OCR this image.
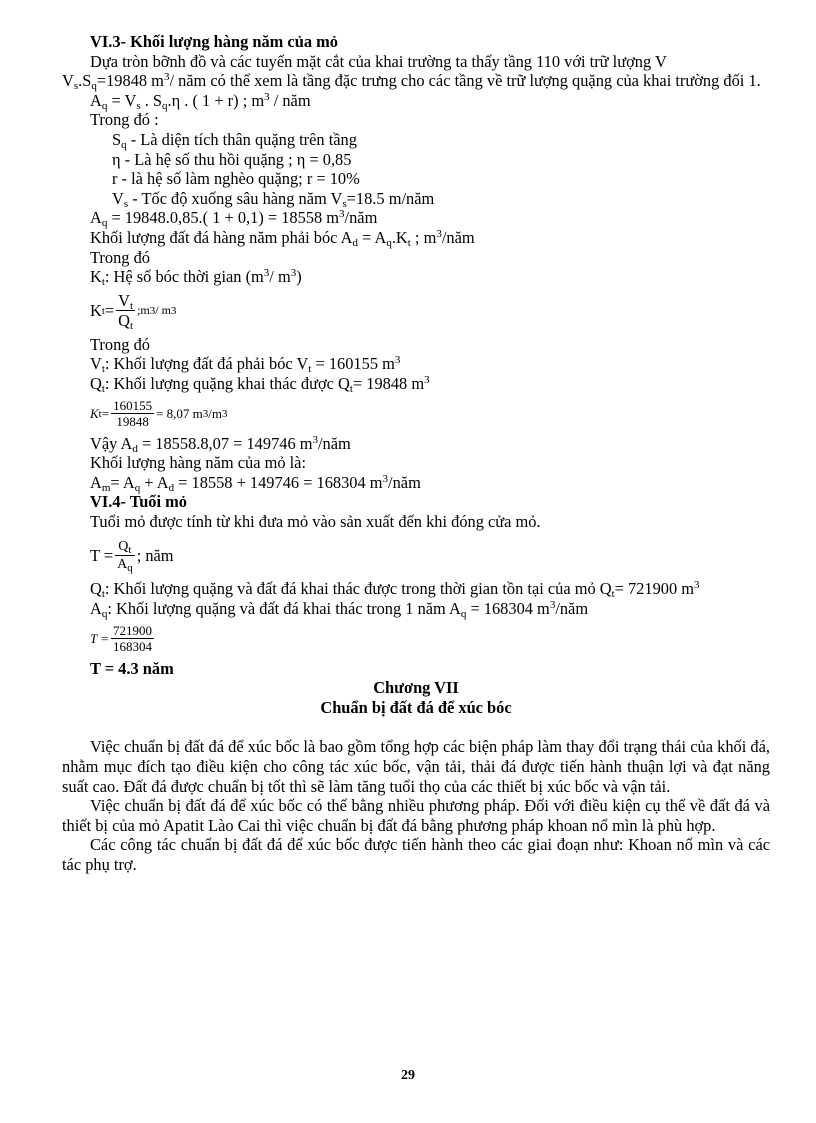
VI.3- Khối lượng hàng năm của mỏ

Dựa tròn bỡnh đồ và các tuyến mặt cắt của khai trường ta thấy tầng 110 với trữ lượng V

$V_s.S_q=19848$ $m^3/$ năm có thể xem là tầng đặc trưng cho các tầng về trữ lượng quặng của khai trường đối 1.

$A_q = V_s$ . $S_q.\eta$ . ( 1 + r) ; $m^3$ / năm

Trong đó :

$S_q$ - Là diện tích thân quặng trên tầng

η - Là hệ số thu hồi quặng ; η = 0,85

r - là hệ số làm nghèo quặng; r = 10%

$V_s$ - Tốc độ xuống sâu hàng năm $V_s=18.5$ m/năm

$A_q = 19848.0,85$.( 1 + 0,1) = 18558 $m^3$/năm

Khối lượng đất đá hàng năm phải bóc $A_d = A_q.K_t$ ; $m^3$/năm

Trong đó

$K_t$: Hệ số bóc thời gian ($m^3/$ $m^3$)

K $t = \frac{V_t}{Q_t}$ ;m 3 / m 3

Trong đó

$V_t$: Khối lượng đất đá phải bóc $V_t = 160155$ $m^3$

$Q_t$: Khối lượng quặng khai thác được $Q_t= 19848$ $m^3$

K $t = \frac{160155}{19848} = 8,07$ m 3 /m 3

Vậy $A_d = 18558.8,07 = 149746$ $m^3$/năm

Khối lượng hàng năm của mỏ là:

$A_m= A_q + A_d = 18558 + 149746 = 168304$ $m^3$/năm

VI.4- Tuổi mỏ

Tuổi mỏ được tính từ khi đưa mỏ vào sản xuất đến khi đóng cửa mỏ.

$T = \frac{Q_t}{A_q}$ ; năm

$Q_t$: Khối lượng quặng và đất đá khai thác được trong thời gian tồn tại của mỏ $Q_t= 721900$ $m^3$

$A_q$: Khối lượng quặng và đất đá khai thác trong 1 năm $A_q = 168304$ $m^3$/năm

$T = \frac{721900}{168304}$

T = 4.3 năm

Chương VII

Chuẩn bị đất đá để xúc bóc

Việc chuẩn bị đất đá để xúc bốc là bao gồm tổng hợp các biện pháp làm thay đổi trạng thái của khối đá, nhằm mục đích tạo điều kiện cho công tác xúc bốc, vận tải, thải đá được tiến hành thuận lợi và đạt năng suất cao. Đất đá được chuẩn bị tốt thì sẽ làm tăng tuổi thọ của các thiết bị xúc bốc và vận tải.

Việc chuẩn bị đất đá để xúc bốc có thể bằng nhiều phương pháp. Đối với điều kiện cụ thể về đất đá và thiết bị của mỏ Apatit Lào Cai thì việc chuẩn bị đất đá bằng phương pháp khoan nổ mìn là phù hợp.

Các công tác chuẩn bị đất đá để xúc bốc được tiến hành theo các giai đoạn như: Khoan nổ mìn và các tác phụ trợ.

29
